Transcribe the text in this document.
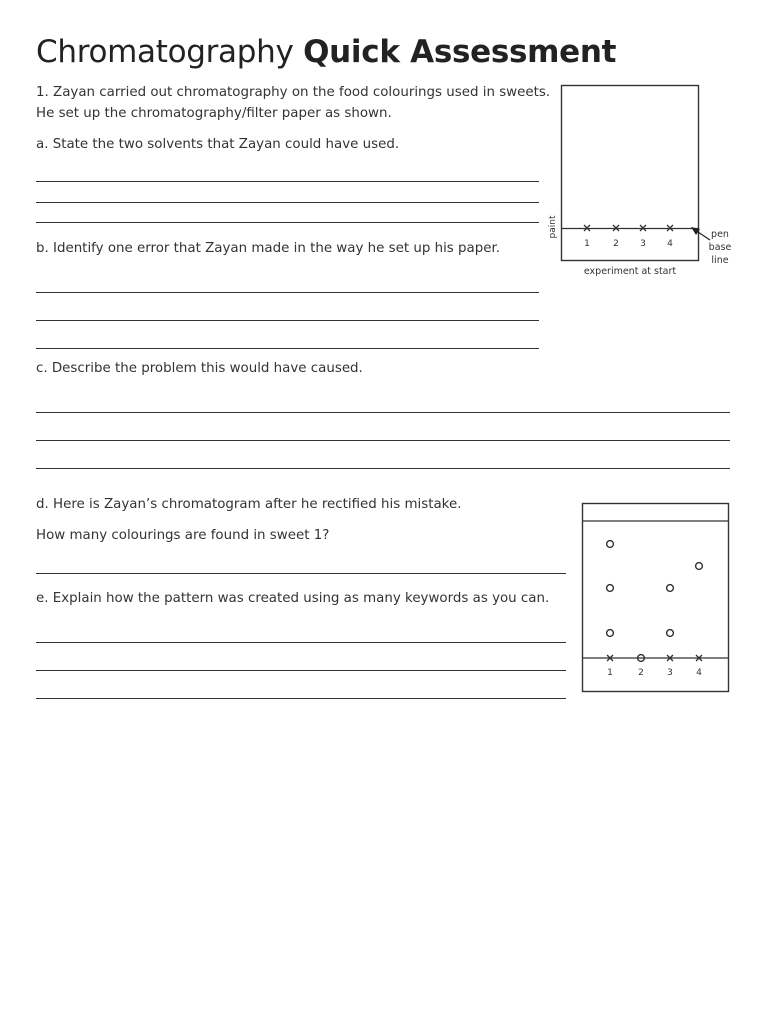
Chromatography Quick Assessment
1. Zayan carried out chromatography on the food colourings used in sweets.
He set up the chromatography/filter paper as shown.
a. State the two solvents that Zayan could have used.
b. Identify one error that Zayan made in the way he set up his paper.
c. Describe the problem this would have caused.
d. Here is Zayan’s chromatogram after he rectified his mistake.
How many colourings are found in sweet 1?
e. Explain how the pattern was created using as many keywords as you can.
1	2 3 4
paint	pen
base
line
experiment at start
1	2	3	4
